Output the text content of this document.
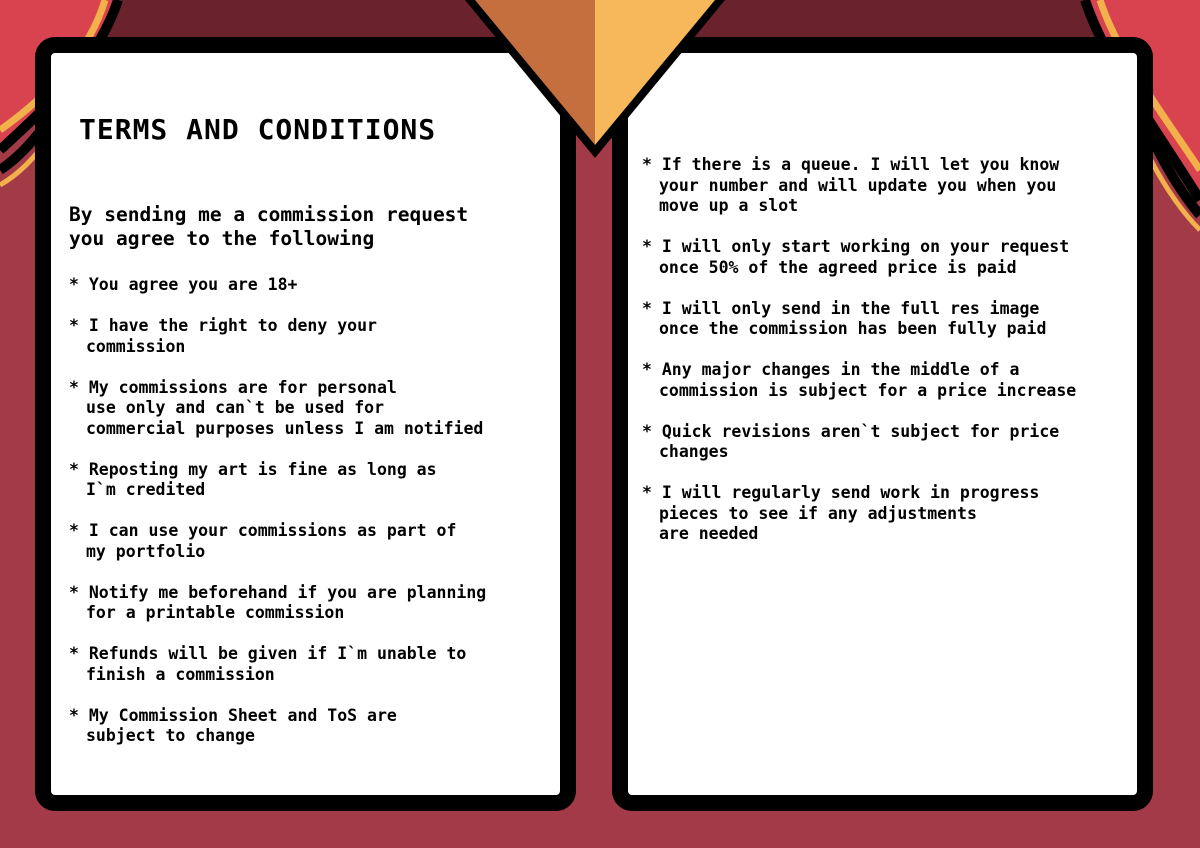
TERMS AND CONDITIONS

By sending me a commission request
you agree to the following

* You agree you are 18+
* I have the right to deny your
commission
* My commissions are for personal
use only and can`t be used for
commercial purposes unless I am notified
* Reposting my art is fine as long as
I`m credited
* I can use your commissions as part of
my portfolio
* Notify me beforehand if you are planning
for a printable commission
* Refunds will be given if I`m unable to
finish a commission
* My Commission Sheet and ToS are
subject to change
* If there is a queue. I will let you know
your number and will update you when you
move up a slot
* I will only start working on your request
once 50% of the agreed price is paid
* I will only send in the full res image
once the commission has been fully paid
* Any major changes in the middle of a
commission is subject for a price increase
* Quick revisions aren`t subject for price
changes
* I will regularly send work in progress
pieces to see if any adjustments
are needed
